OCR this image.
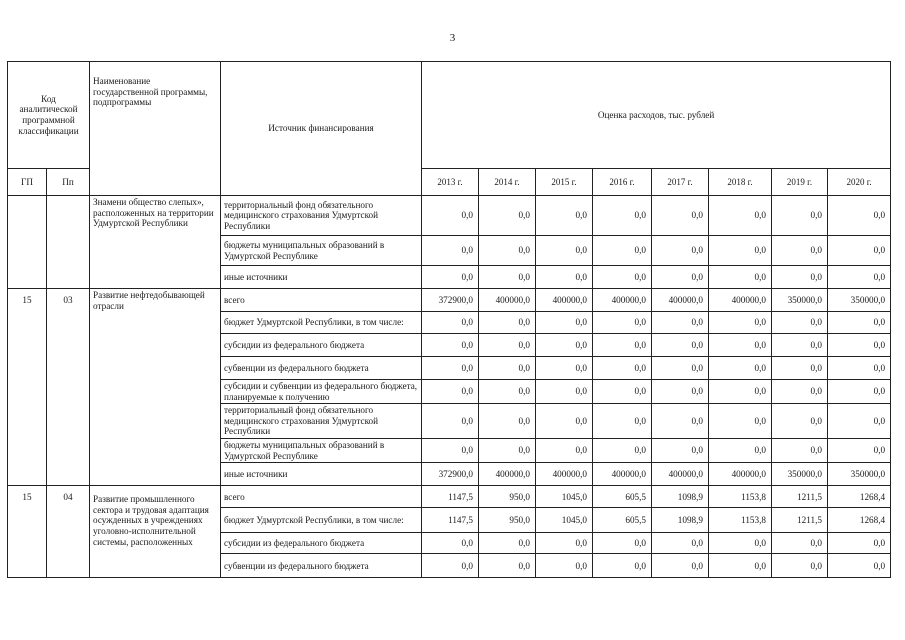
3
Код аналитической программной классификации		Наименование государственной программы, подпрограммы	Источник финансирования	Оценка расходов, тыс. рублей							
ГП	Пп			2013 г.	2014 г.	2015 г.	2016 г.	2017 г.	2018 г.	2019 г.	2020 г.
		Знамени общество слепых», расположенных на территории Удмуртской Республики	территориальный фонд обязательного медицинского страхования Удмуртской Республики	0,0	0,0	0,0	0,0	0,0	0,0	0,0	0,0
			бюджеты муниципальных образований в Удмуртской Республике	0,0	0,0	0,0	0,0	0,0	0,0	0,0	0,0
			иные источники	0,0	0,0	0,0	0,0	0,0	0,0	0,0	0,0
15	03	Развитие нефтедобывающей отрасли	всего	372900,0	400000,0	400000,0	400000,0	400000,0	400000,0	350000,0	350000,0
			бюджет Удмуртской Республики, в том числе:	0,0	0,0	0,0	0,0	0,0	0,0	0,0	0,0
			субсидии из федерального бюджета	0,0	0,0	0,0	0,0	0,0	0,0	0,0	0,0
			субвенции из федерального бюджета	0,0	0,0	0,0	0,0	0,0	0,0	0,0	0,0
			субсидии и субвенции из федерального бюджета, планируемые к получению	0,0	0,0	0,0	0,0	0,0	0,0	0,0	0,0
			территориальный фонд обязательного медицинского страхования Удмуртской Республики	0,0	0,0	0,0	0,0	0,0	0,0	0,0	0,0
			бюджеты муниципальных образований в Удмуртской Республике	0,0	0,0	0,0	0,0	0,0	0,0	0,0	0,0
			иные источники	372900,0	400000,0	400000,0	400000,0	400000,0	400000,0	350000,0	350000,0
15	04	Развитие промышленного сектора и трудовая адаптация осужденных в учреждениях уголовно-исполнительной системы, расположенных	всего	1147,5	950,0	1045,0	605,5	1098,9	1153,8	1211,5	1268,4
			бюджет Удмуртской Республики, в том числе:	1147,5	950,0	1045,0	605,5	1098,9	1153,8	1211,5	1268,4
			субсидии из федерального бюджета	0,0	0,0	0,0	0,0	0,0	0,0	0,0	0,0
			субвенции из федерального бюджета	0,0	0,0	0,0	0,0	0,0	0,0	0,0	0,0
